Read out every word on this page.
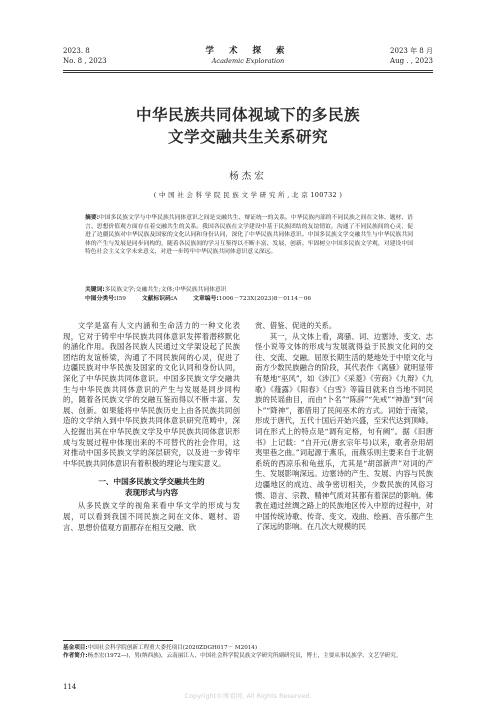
2023. 8
No. 8 , 2023
学 术 探 索
Academic Exploration
2023 年 8 月
Aug . , 2023
中华民族共同体视域下的多民族
文学交融共生关系研究
杨杰宏
( 中 国 社 会 科 学 院 民 族 文 学 研 究 所 , 北 京 100732 )
摘要:中国多民族文学与中华民族共同体意识之间是交融共生、辩证统一的关系。中华民族内部的不同民族之间在文体、题材、语言、思想价值观方面存在着交融共生的关系。我国各民族在文学建设中基于民族团结的友谊情谊，沟通了不同民族间的心灵，促进了边疆民族对中华民族及国家的文化认同和身份认同，深化了中华民族共同体意识。中国多民族文学交融共生与中华民族共同体的产生与发展是同步同构的，随着各民族间的学习互鉴得以不断丰富、发展、创新。牢固树立中国多民族文学观，对建设中国特色社会主义文学未来意义，对进一步铸牢中华民族共同体意识意义深远。
关键词:多民族文学;交融共生;文体;中华民族共同体意识
中图分类号:I59	文献标识码:A	文章编号:1006－723X(2023)8－0114－06

文学是富有人文内涵和生命活力的一种文化表现，它对于铸牢中华民族共同体意识发挥着潜移默化的涵化作用。我国各民族人民通过文学架设起了民族团结的友谊桥梁，沟通了不同民族间的心灵，促进了边疆民族对中华民族及国家的文化认同和身份认同，深化了中华民族共同体意识。中国多民族文学交融共生与中华民族共同体意识的产生与发展是同步同构的，随着各民族文学的交融互鉴而得以不断丰富、发展、创新。如果能将中华民族历史上由各民族共同创造的文学纳入到中华民族共同体意识研究范畴中，深入挖掘出其在中华民族文学及中华民族共同体意识形成与发展过程中体现出来的不可替代的社会作用，这对推动中国多民族文学的深层研究，以及进一步铸牢中华民族共同体意识有着积极的理论与现实意义。

一、中国多民族文学交融共生的
表现形式与内容

从多民族文学的视角来看中华文学的形成与发展，可以看到我国不同民族之间在文体、题材、语言、思想价值观方面都存在相互交融、欣

赏、借鉴、促进的关系。

其一，从文体上看，离骚、词、边塞诗、变文、志怪小说等文体的形成与发展就得益于民族文化间的交往、交流、交融。屈原长期生活的楚地处于中原文化与南方少数民族融合的阶段，其代表作《离骚》就明显带有楚地“巫风”，如《涉江》《采菱》《劳商》《九辩》《九歌》《薤露》《阳春》《白雪》等篇目就来自当地不同民族的民谣曲目，而由“卜名”“陈辞”“先戒”“神游”到“问卜”“降神”，都借用了民间巫术的方式。词始于南梁，形成于唐代，五代十国后开始兴盛，至宋代达到顶峰。词在形式上的特点是“调有定格，句有阙”。据《旧唐书》上记载：“自开元(唐玄宗年号)以来，歌者杂用胡夷里巷之曲。”词起源于燕乐，而燕乐则主要来自于北朝系统的西凉乐和龟兹乐，尤其是“胡部新声”对词的产生、发展影响深远。边塞诗的产生、发展、内容与民族边疆地区的成边、战争密切相关，少数民族的风俗习惯、语言、宗教、精神气质对其都有着深层的影响。佛教在通过丝绸之路上的民族地区传入中原的过程中，对中国传统诗歌、传奇、变文、戏曲、绘画、音乐都产生了深远的影响。在几次大规模的民

基金项目:中国社会科学院创新工程重大委托项目(2020ZDGH017－ M2014)
作者简介:杨杰宏(1972—)，男(纳西族)，云南丽江人，中国社会科学院民族文学研究所副研究员，博士，主要从事民族学、文艺学研究。
114
Copyright©博看网. All Rights Reserved.
